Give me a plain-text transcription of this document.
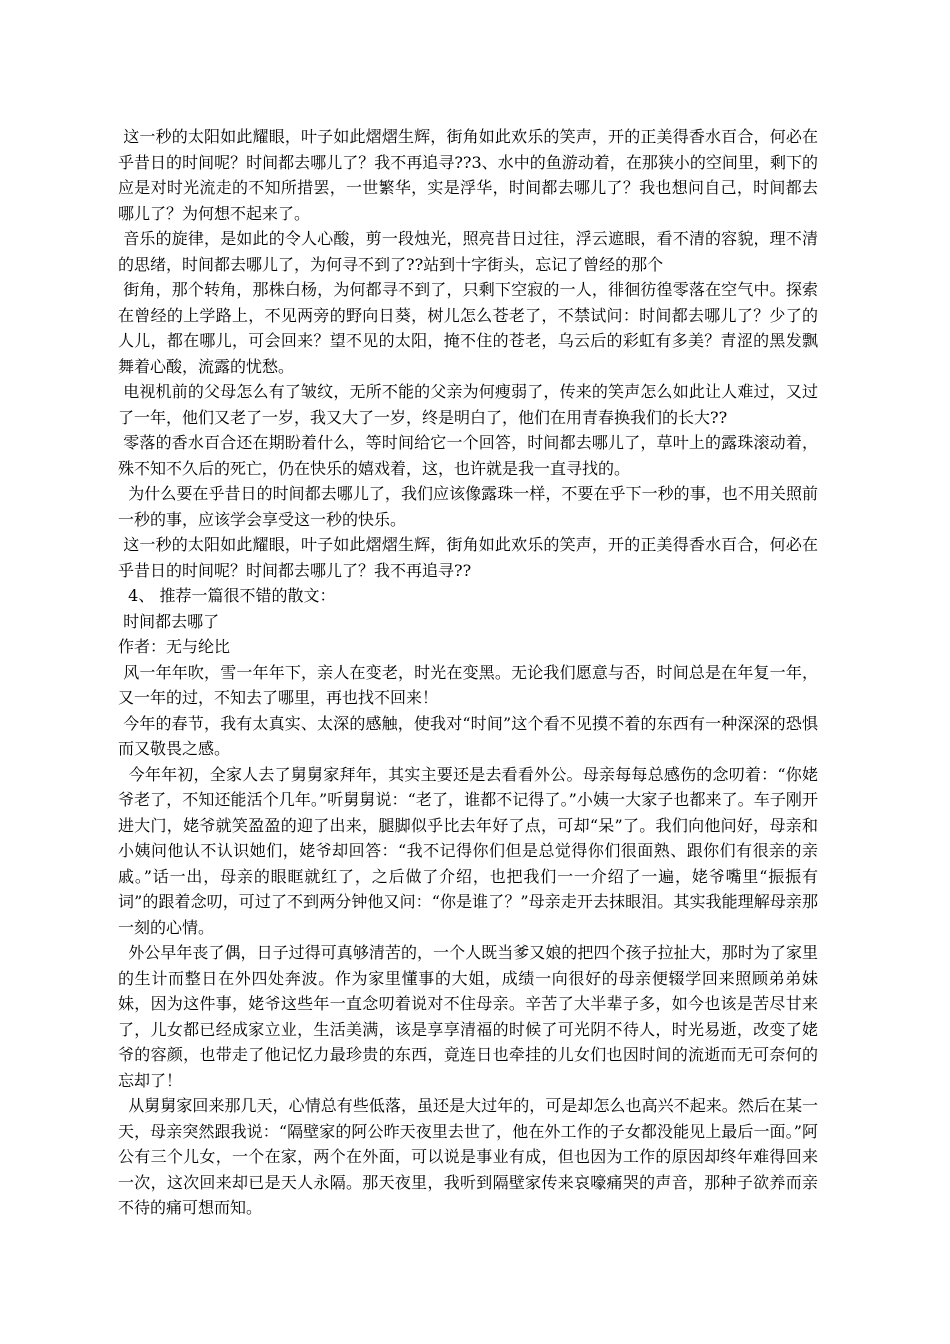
这一秒的太阳如此耀眼，叶子如此熠熠生辉，街角如此欢乐的笑声，开的正美得香水百合，何必在乎昔日的时间呢？时间都去哪儿了？我不再追寻??3、水中的鱼游动着，在那狭小的空间里，剩下的应是对时光流走的不知所措罢，一世繁华，实是浮华，时间都去哪儿了？我也想问自己，时间都去哪儿了？为何想不起来了。

音乐的旋律，是如此的令人心酸，剪一段烛光，照亮昔日过往，浮云遮眼，看不清的容貌，理不清的思绪，时间都去哪儿了，为何寻不到了??站到十字街头，忘记了曾经的那个

街角，那个转角，那株白杨，为何都寻不到了，只剩下空寂的一人，徘徊彷徨零落在空气中。探索在曾经的上学路上，不见两旁的野向日葵，树儿怎么苍老了，不禁试问：时间都去哪儿了？少了的人儿，都在哪儿，可会回来？望不见的太阳，掩不住的苍老，乌云后的彩虹有多美？青涩的黑发飘舞着心酸，流露的忧愁。

电视机前的父母怎么有了皱纹，无所不能的父亲为何瘦弱了，传来的笑声怎么如此让人难过，又过了一年，他们又老了一岁，我又大了一岁，终是明白了，他们在用青春换我们的长大??

零落的香水百合还在期盼着什么，等时间给它一个回答，时间都去哪儿了，草叶上的露珠滚动着，殊不知不久后的死亡，仍在快乐的嬉戏着，这，也许就是我一直寻找的。

为什么要在乎昔日的时间都去哪儿了，我们应该像露珠一样，不要在乎下一秒的事，也不用关照前一秒的事，应该学会享受这一秒的快乐。

这一秒的太阳如此耀眼，叶子如此熠熠生辉，街角如此欢乐的笑声，开的正美得香水百合，何必在乎昔日的时间呢？时间都去哪儿了？我不再追寻??

4、 推荐一篇很不错的散文：

时间都去哪了

作者：无与纶比

风一年年吹，雪一年年下，亲人在变老，时光在变黑。无论我们愿意与否，时间总是在年复一年，又一年的过，不知去了哪里，再也找不回来！

今年的春节，我有太真实、太深的感触，使我对“时间”这个看不见摸不着的东西有一种深深的恐惧而又敬畏之感。

今年年初，全家人去了舅舅家拜年，其实主要还是去看看外公。母亲每每总感伤的念叨着：“你姥爷老了，不知还能活个几年。”听舅舅说：“老了，谁都不记得了。”小姨一大家子也都来了。车子刚开进大门，姥爷就笑盈盈的迎了出来，腿脚似乎比去年好了点，可却“呆”了。我们向他问好，母亲和小姨问他认不认识她们，姥爷却回答：“我不记得你们但是总觉得你们很面熟、跟你们有很亲的亲戚。”话一出，母亲的眼眶就红了，之后做了介绍，也把我们一一介绍了一遍，姥爷嘴里“振振有词”的跟着念叨，可过了不到两分钟他又问：“你是谁了？”母亲走开去抹眼泪。其实我能理解母亲那一刻的心情。

外公早年丧了偶，日子过得可真够清苦的，一个人既当爹又娘的把四个孩子拉扯大，那时为了家里的生计而整日在外四处奔波。作为家里懂事的大姐，成绩一向很好的母亲便辍学回来照顾弟弟妹妹，因为这件事，姥爷这些年一直念叨着说对不住母亲。辛苦了大半辈子多，如今也该是苦尽甘来了，儿女都已经成家立业，生活美满，该是享享清福的时候了可光阴不待人，时光易逝，改变了姥爷的容颜，也带走了他记忆力最珍贵的东西，竟连日也牵挂的儿女们也因时间的流逝而无可奈何的忘却了！

从舅舅家回来那几天，心情总有些低落，虽还是大过年的，可是却怎么也高兴不起来。然后在某一天，母亲突然跟我说：“隔壁家的阿公昨天夜里去世了，他在外工作的子女都没能见上最后一面。”阿公有三个儿女，一个在家，两个在外面，可以说是事业有成，但也因为工作的原因却终年难得回来一次，这次回来却已是天人永隔。那天夜里，我听到隔壁家传来哀嚎痛哭的声音，那种子欲养而亲不待的痛可想而知。
